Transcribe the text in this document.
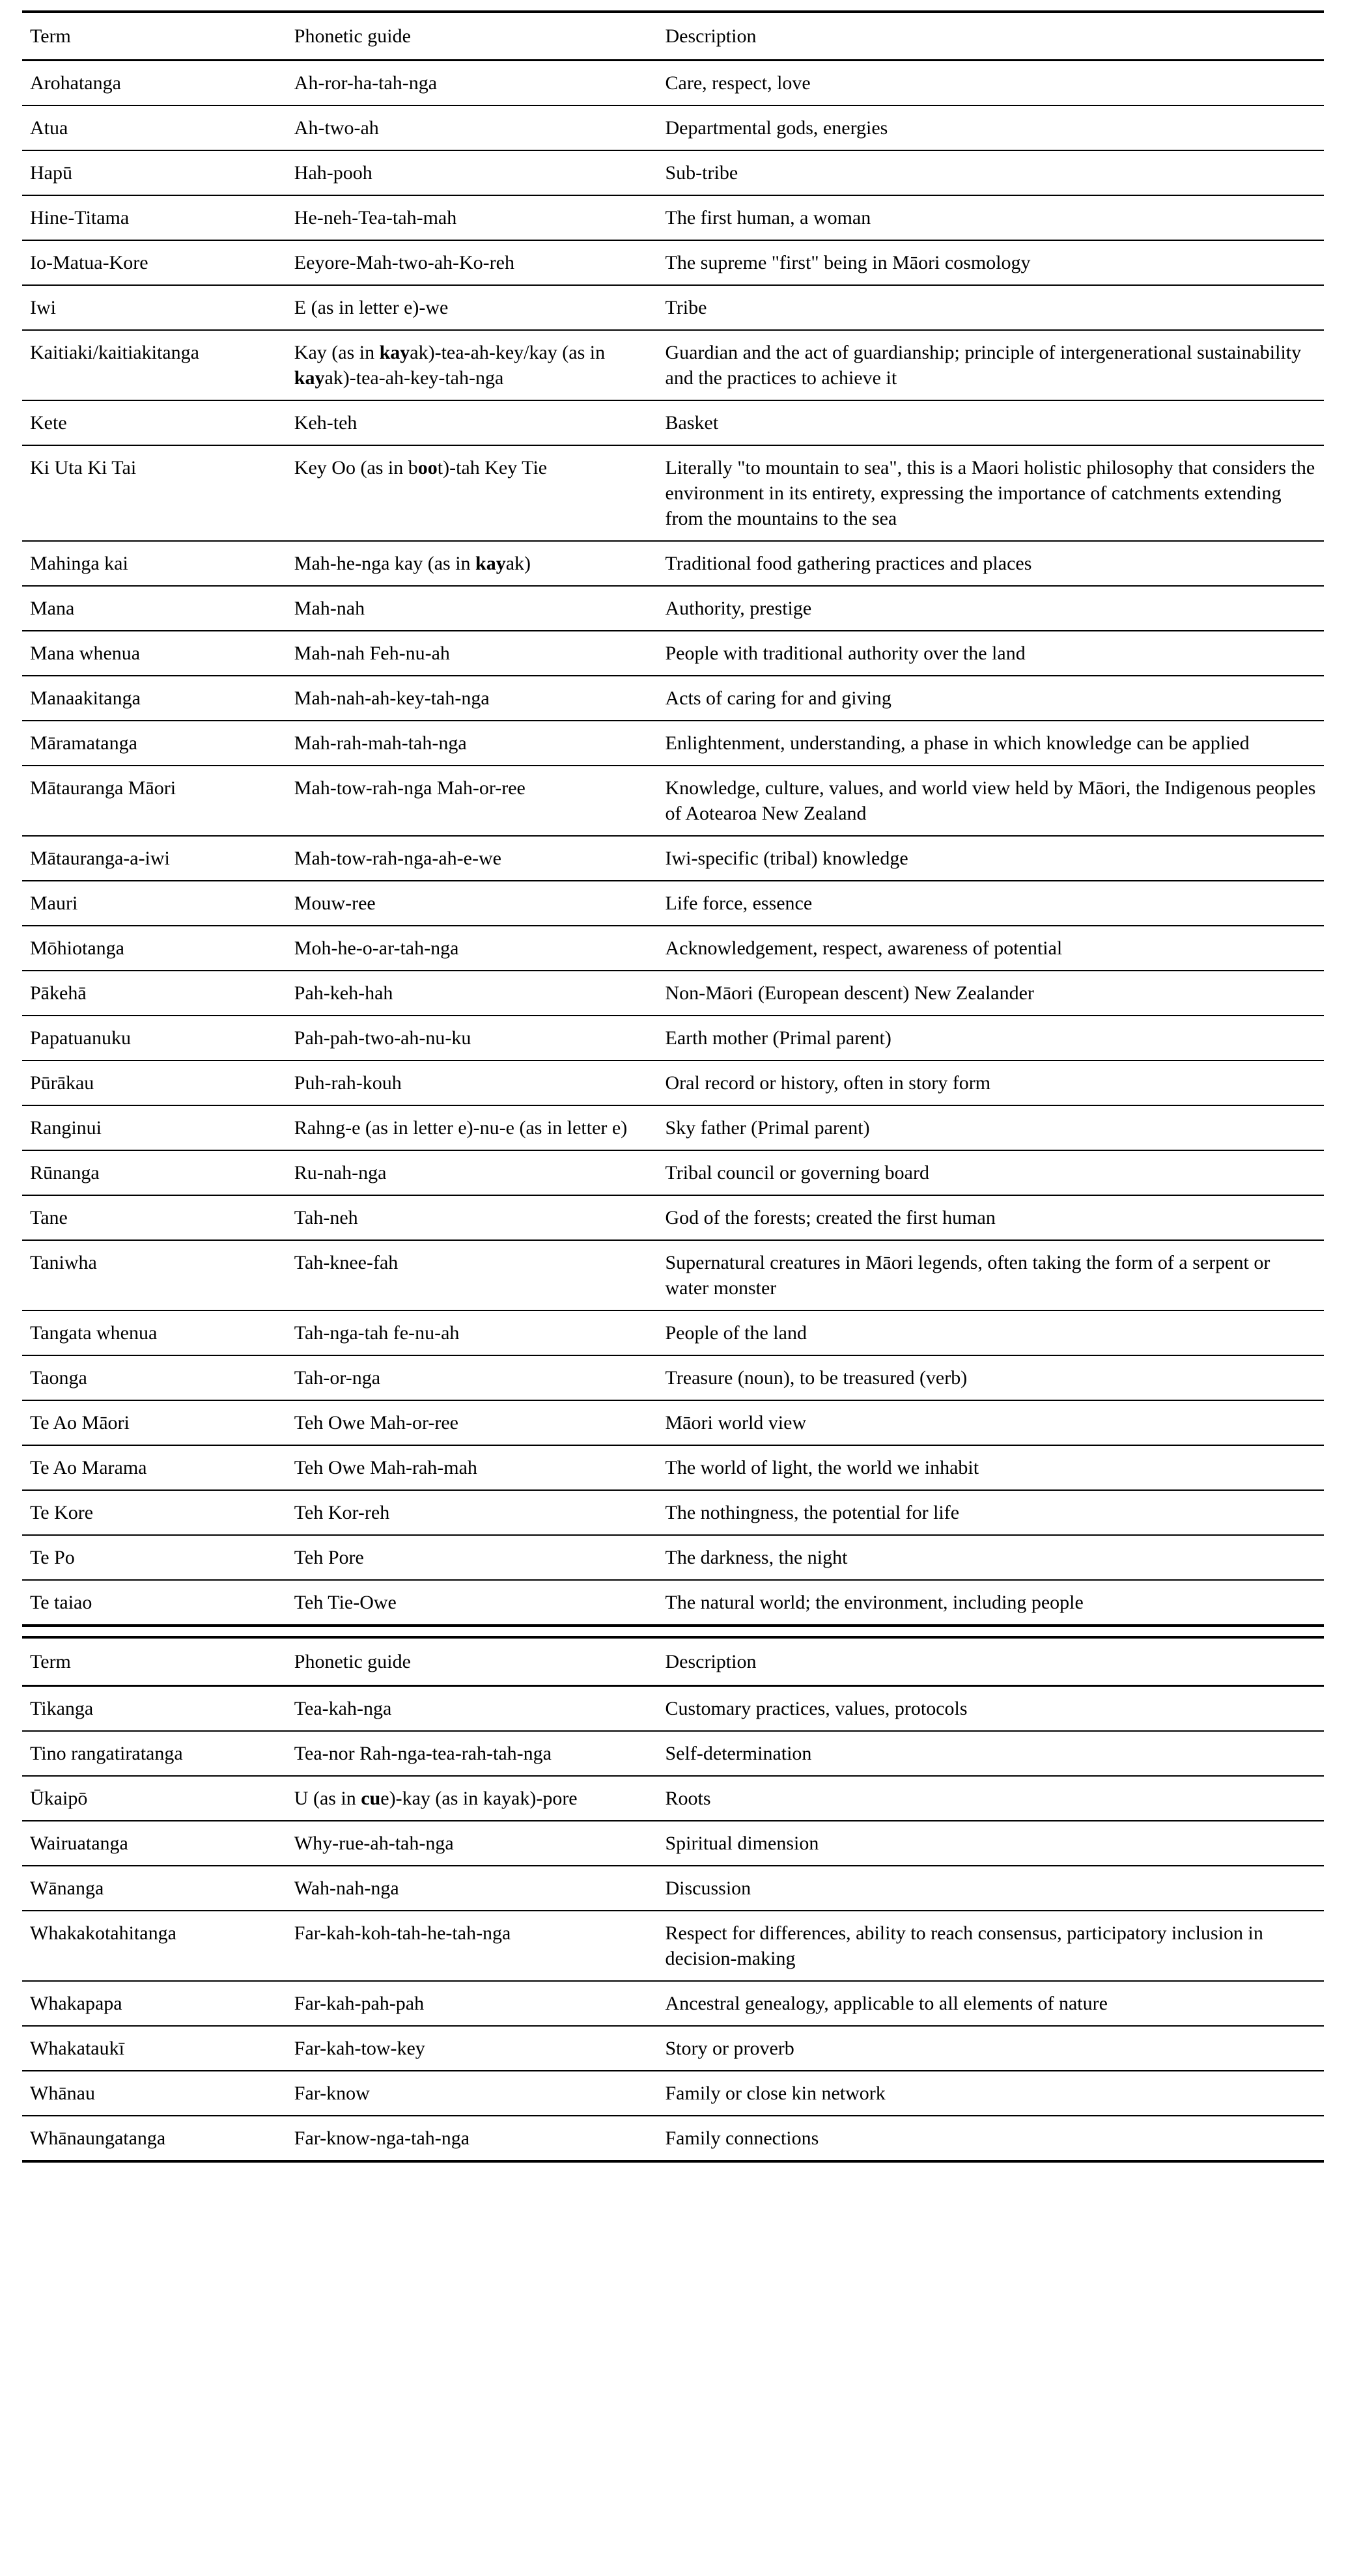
Term	Phonetic guide	Description
Arohatanga	Ah-ror-ha-tah-nga	Care, respect, love
Atua	Ah-two-ah	Departmental gods, energies
Hapū	Hah-pooh	Sub-tribe
Hine-Titama	He-neh-Tea-tah-mah	The first human, a woman
Io-Matua-Kore	Eeyore-Mah-two-ah-Ko-reh	The supreme "first" being in Māori cosmology
Iwi	E (as in letter e)-we	Tribe
Kaitiaki/kaitiakitanga	Kay (as in kayak)-tea-ah-key/kay (as in kayak)-tea-ah-key-tah-nga	Guardian and the act of guardianship; principle of intergenerational sustainability and the practices to achieve it
Kete	Keh-teh	Basket
Ki Uta Ki Tai	Key Oo (as in boot)-tah Key Tie	Literally "to mountain to sea", this is a Maori holistic philosophy that considers the environment in its entirety, expressing the importance of catchments extending from the mountains to the sea
Mahinga kai	Mah-he-nga kay (as in kayak)	Traditional food gathering practices and places
Mana	Mah-nah	Authority, prestige
Mana whenua	Mah-nah Feh-nu-ah	People with traditional authority over the land
Manaakitanga	Mah-nah-ah-key-tah-nga	Acts of caring for and giving
Māramatanga	Mah-rah-mah-tah-nga	Enlightenment, understanding, a phase in which knowledge can be applied
Mātauranga Māori	Mah-tow-rah-nga Mah-or-ree	Knowledge, culture, values, and world view held by Māori, the Indigenous peoples of Aotearoa New Zealand
Mātauranga-a-iwi	Mah-tow-rah-nga-ah-e-we	Iwi-specific (tribal) knowledge
Mauri	Mouw-ree	Life force, essence
Mōhiotanga	Moh-he-o-ar-tah-nga	Acknowledgement, respect, awareness of potential
Pākehā	Pah-keh-hah	Non-Māori (European descent) New Zealander
Papatuanuku	Pah-pah-two-ah-nu-ku	Earth mother (Primal parent)
Pūrākau	Puh-rah-kouh	Oral record or history, often in story form
Ranginui	Rahng-e (as in letter e)-nu-e (as in letter e)	Sky father (Primal parent)
Rūnanga	Ru-nah-nga	Tribal council or governing board
Tane	Tah-neh	God of the forests; created the first human
Taniwha	Tah-knee-fah	Supernatural creatures in Māori legends, often taking the form of a serpent or water monster
Tangata whenua	Tah-nga-tah fe-nu-ah	People of the land
Taonga	Tah-or-nga	Treasure (noun), to be treasured (verb)
Te Ao Māori	Teh Owe Mah-or-ree	Māori world view
Te Ao Marama	Teh Owe Mah-rah-mah	The world of light, the world we inhabit
Te Kore	Teh Kor-reh	The nothingness, the potential for life
Te Po	Teh Pore	The darkness, the night
Te taiao	Teh Tie-Owe	The natural world; the environment, including people

Term	Phonetic guide	Description
Tikanga	Tea-kah-nga	Customary practices, values, protocols
Tino rangatiratanga	Tea-nor Rah-nga-tea-rah-tah-nga	Self-determination
Ūkaipō	U (as in cue)-kay (as in kayak)-pore	Roots
Wairuatanga	Why-rue-ah-tah-nga	Spiritual dimension
Wānanga	Wah-nah-nga	Discussion
Whakakotahitanga	Far-kah-koh-tah-he-tah-nga	Respect for differences, ability to reach consensus, participatory inclusion in decision-making
Whakapapa	Far-kah-pah-pah	Ancestral genealogy, applicable to all elements of nature
Whakataukī	Far-kah-tow-key	Story or proverb
Whānau	Far-know	Family or close kin network
Whānaungatanga	Far-know-nga-tah-nga	Family connections
